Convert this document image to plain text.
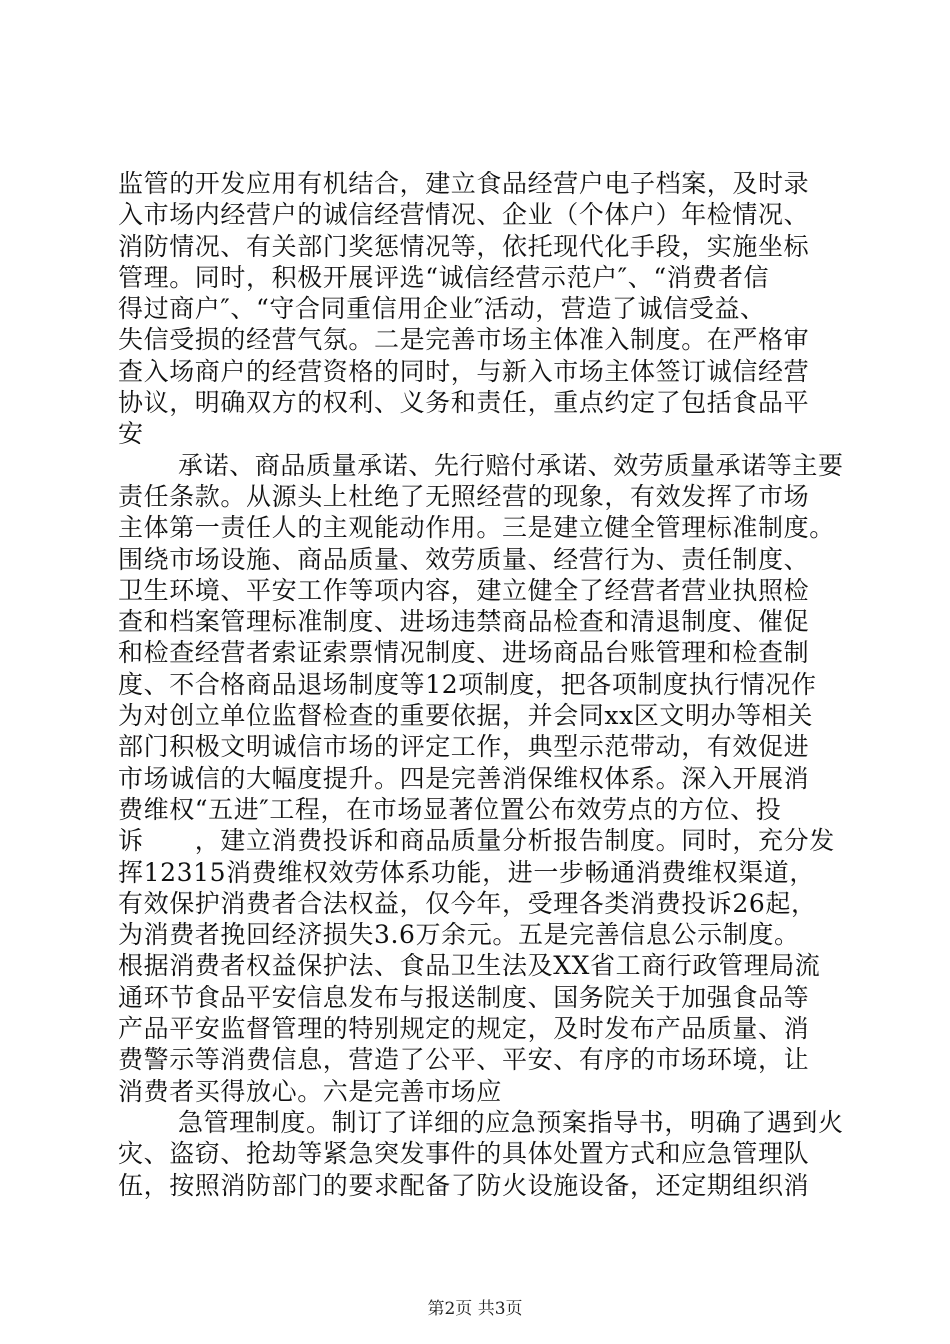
监管的开发应用有机结合，建立食品经营户电子档案，及时录
入市场内经营户的诚信经营情况、企业（个体户）年检情况、
消防情况、有关部门奖惩情况等，依托现代化手段，实施坐标
管理。同时，积极开展评选“诚信经营示范户″、“消费者信
得过商户″、“守合同重信用企业″活动，营造了诚信受益、
失信受损的经营气氛。二是完善市场主体准入制度。在严格审
查入场商户的经营资格的同时，与新入市场主体签订诚信经营
协议，明确双方的权利、义务和责任，重点约定了包括食品平
安
承诺、商品质量承诺、先行赔付承诺、效劳质量承诺等主要
责任条款。从源头上杜绝了无照经营的现象，有效发挥了市场
主体第一责任人的主观能动作用。三是建立健全管理标准制度。
围绕市场设施、商品质量、效劳质量、经营行为、责任制度、
卫生环境、平安工作等项内容，建立健全了经营者营业执照检
查和档案管理标准制度、进场违禁商品检查和清退制度、催促
和检查经营者索证索票情况制度、进场商品台账管理和检查制
度、不合格商品退场制度等12项制度，把各项制度执行情况作
为对创立单位监督检查的重要依据，并会同xx区文明办等相关
部门积极文明诚信市场的评定工作，典型示范带动，有效促进
市场诚信的大幅度提升。四是完善消保维权体系。深入开展消
费维权“五进″工程，在市场显著位置公布效劳点的方位、投
诉　　，建立消费投诉和商品质量分析报告制度。同时，充分发
挥12315消费维权效劳体系功能，进一步畅通消费维权渠道，
有效保护消费者合法权益，仅今年，受理各类消费投诉26起，
为消费者挽回经济损失3.6万余元。五是完善信息公示制度。
根据消费者权益保护法、食品卫生法及XX省工商行政管理局流
通环节食品平安信息发布与报送制度、国务院关于加强食品等
产品平安监督管理的特别规定的规定，及时发布产品质量、消
费警示等消费信息，营造了公平、平安、有序的市场环境，让
消费者买得放心。六是完善市场应
急管理制度。制订了详细的应急预案指导书，明确了遇到火
灾、盗窃、抢劫等紧急突发事件的具体处置方式和应急管理队
伍，按照消防部门的要求配备了防火设施设备，还定期组织消
第2页 共3页
